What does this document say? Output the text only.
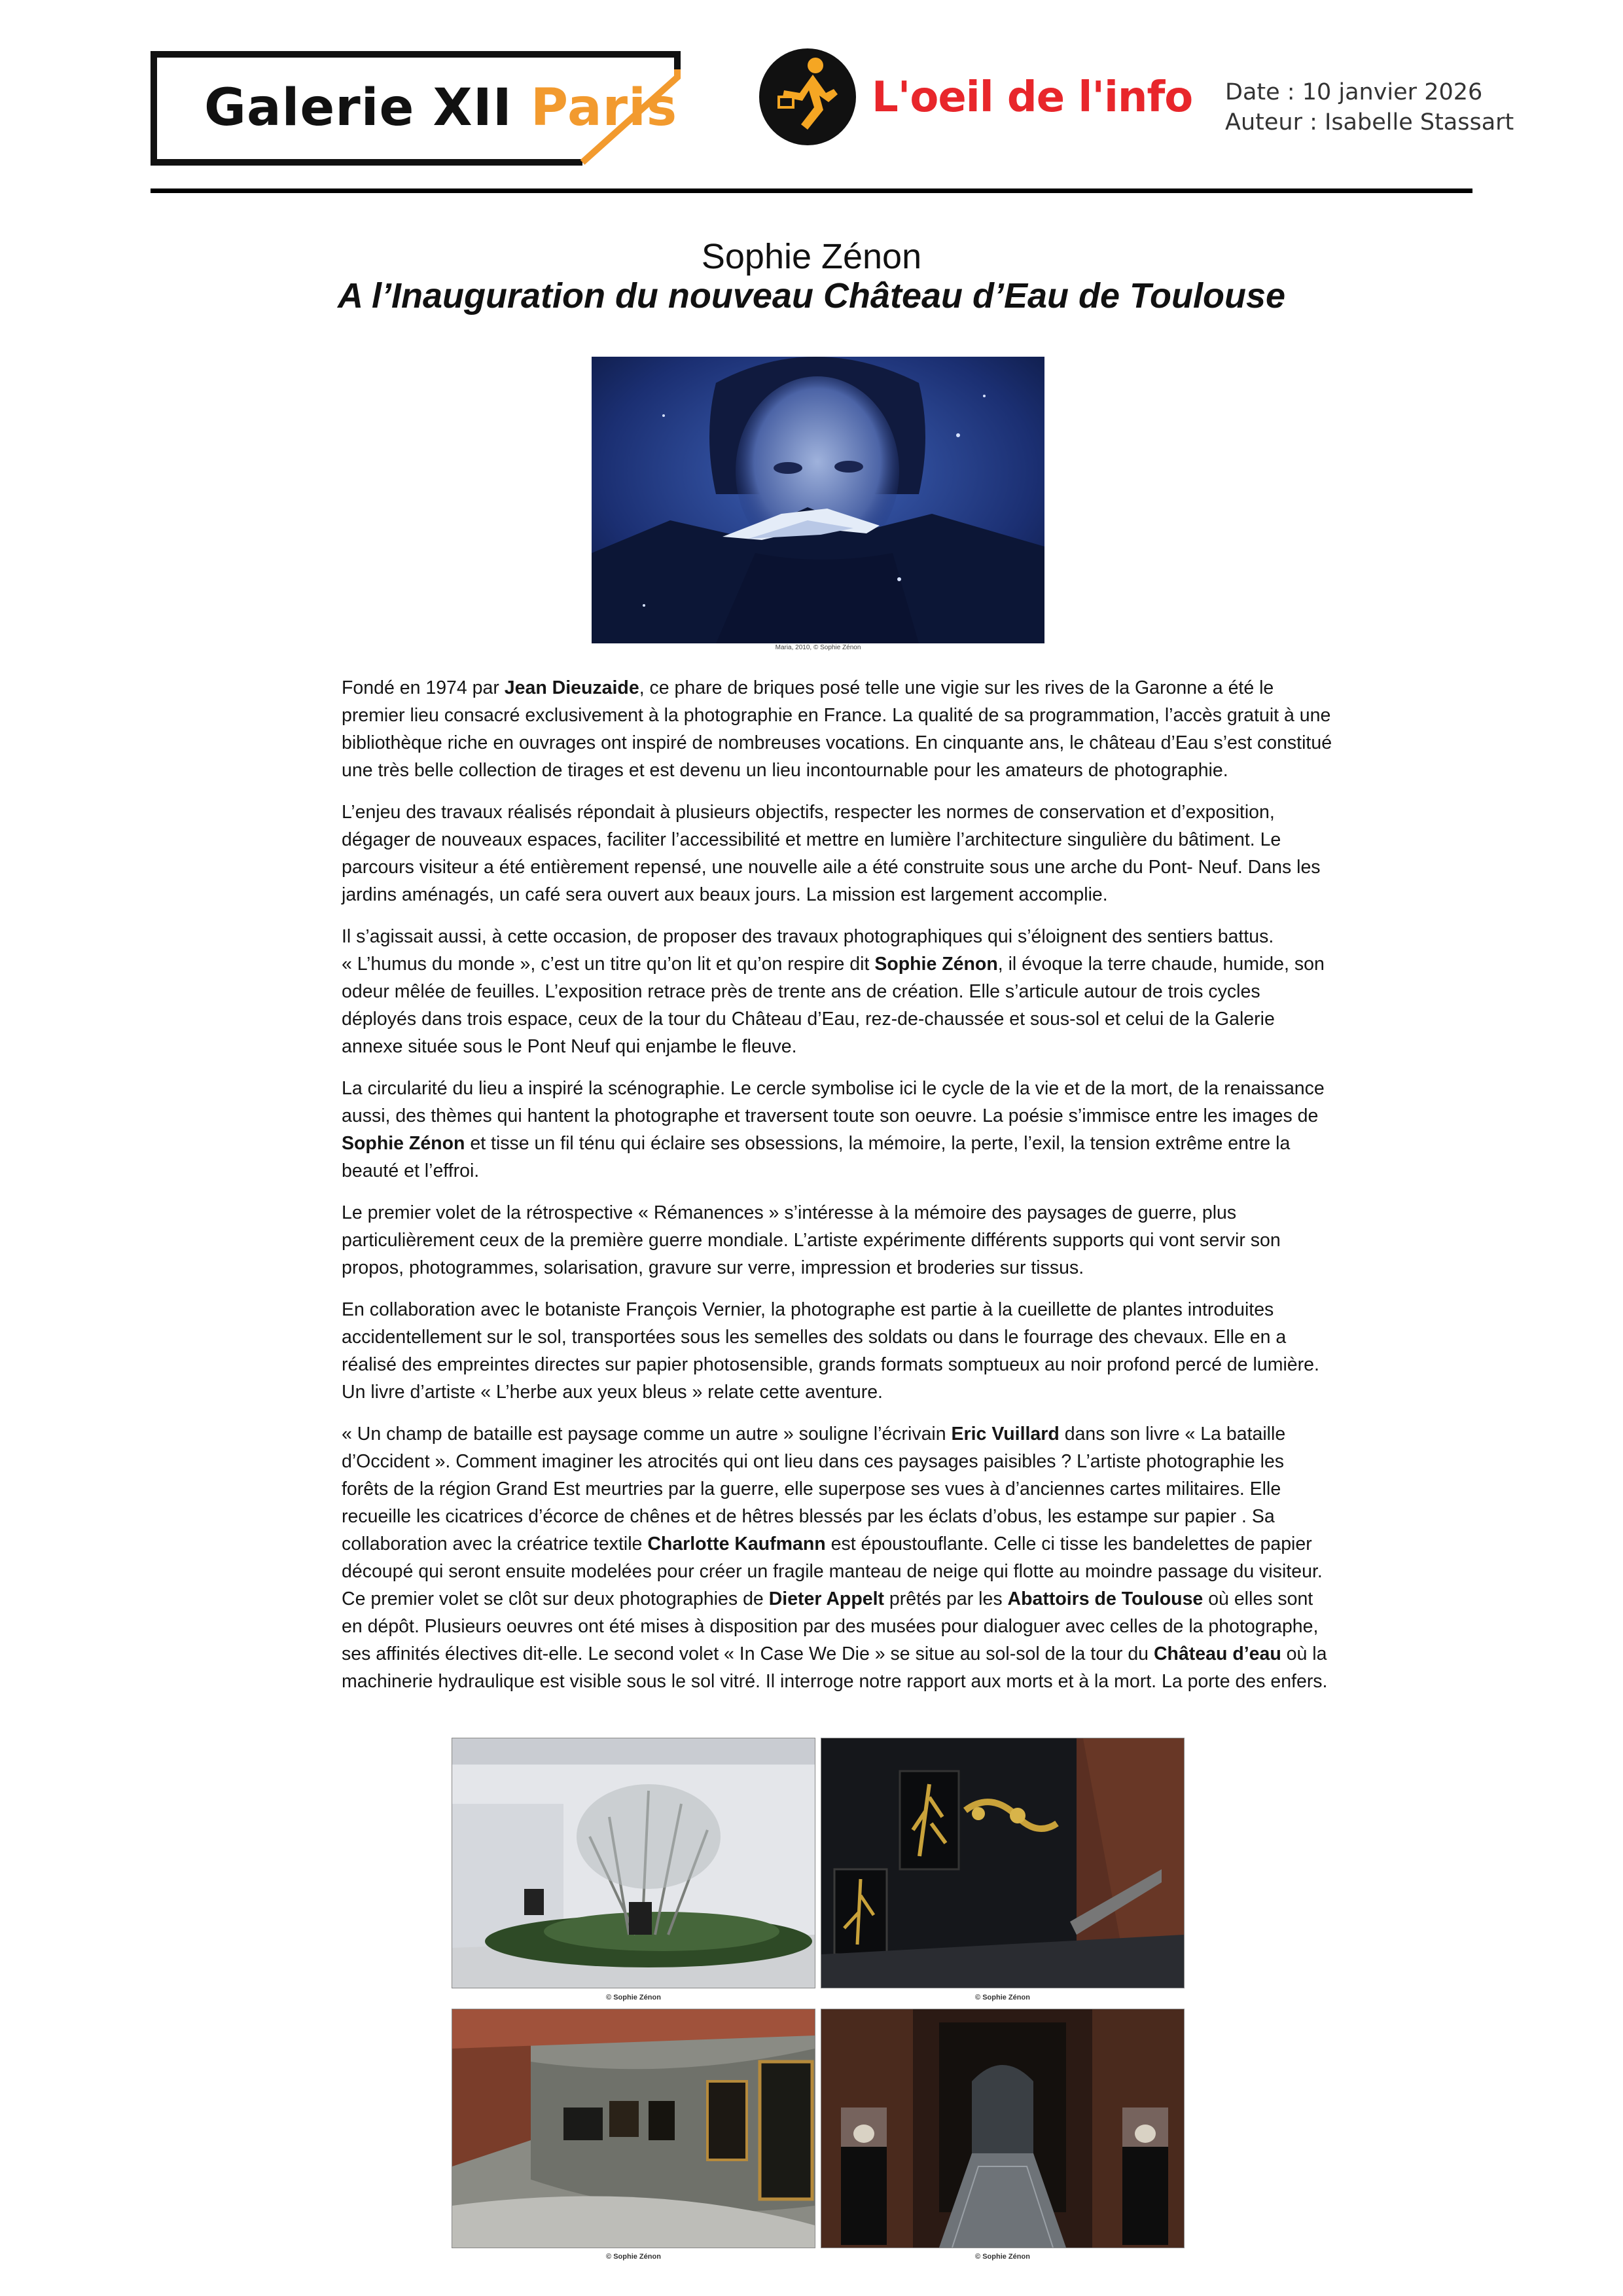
Galerie XII Paris	L'oeil de l'info Date : 10 janvier 2026
Auteur : Isabelle Stassart
Sophie Zénon
A l’Inauguration du nouveau Château d’Eau de Toulouse
Maria, 2010, © Sophie Zénon

Fondé en 1974 par Jean Dieuzaide, ce phare de briques posé telle une vigie sur les rives de la Garonne a été le premier lieu consacré exclusivement à la photographie en France. La qualité de sa programmation, l’accès gratuit à une bibliothèque riche en ouvrages ont inspiré de nombreuses vocations. En cinquante ans, le château d’Eau s’est constitué une très belle collection de tirages et est devenu un lieu incontournable pour les amateurs de photographie.

L’enjeu des travaux réalisés répondait à plusieurs objectifs, respecter les normes de conservation et d’exposition, dégager de nouveaux espaces, faciliter l’accessibilité et mettre en lumière l’architecture singulière du bâtiment. Le parcours visiteur a été entièrement repensé, une nouvelle aile a été construite sous une arche du Pont- Neuf. Dans les jardins aménagés, un café sera ouvert aux beaux jours. La mission est largement accomplie.

Il s’agissait aussi, à cette occasion, de proposer des travaux photographiques qui s’éloignent des sentiers battus.
« L’humus du monde », c’est un titre qu’on lit et qu’on respire dit Sophie Zénon, il évoque la terre chaude, humide, son odeur mêlée de feuilles. L’exposition retrace près de trente ans de création. Elle s’articule autour de trois cycles déployés dans trois espace, ceux de la tour du Château d’Eau, rez-de-chaussée et sous-sol et celui de la Galerie annexe située sous le Pont Neuf qui enjambe le fleuve.

La circularité du lieu a inspiré la scénographie. Le cercle symbolise ici le cycle de la vie et de la mort, de la renaissance aussi, des thèmes qui hantent la photographe et traversent toute son oeuvre. La poésie s’immisce entre les images de Sophie Zénon et tisse un fil ténu qui éclaire ses obsessions, la mémoire, la perte, l’exil, la tension extrême entre la beauté et l’effroi.

Le premier volet de la rétrospective « Rémanences » s’intéresse à la mémoire des paysages de guerre, plus particulièrement ceux de la première guerre mondiale. L’artiste expérimente différents supports qui vont servir son propos, photogrammes, solarisation, gravure sur verre, impression et broderies sur tissus.

En collaboration avec le botaniste François Vernier, la photographe est partie à la cueillette de plantes introduites accidentellement sur le sol, transportées sous les semelles des soldats ou dans le fourrage des chevaux. Elle en a réalisé des empreintes directes sur papier photosensible, grands formats somptueux au noir profond percé de lumière. Un livre d’artiste « L’herbe aux yeux bleus » relate cette aventure.

« Un champ de bataille est paysage comme un autre » souligne l’écrivain Eric Vuillard dans son livre « La bataille d’Occident ». Comment imaginer les atrocités qui ont lieu dans ces paysages paisibles ? L’artiste photographie les forêts de la région Grand Est meurtries par la guerre, elle superpose ses vues à d’anciennes cartes militaires. Elle recueille les cicatrices d’écorce de chênes et de hêtres blessés par les éclats d’obus, les estampe sur papier . Sa collaboration avec la créatrice textile Charlotte Kaufmann est époustouflante. Celle ci tisse les bandelettes de papier découpé qui seront ensuite modelées pour créer un fragile manteau de neige qui flotte au moindre passage du visiteur. Ce premier volet se clôt sur deux photographies de Dieter Appelt prêtés par les Abattoirs de Toulouse où elles sont en dépôt. Plusieurs oeuvres ont été mises à disposition par des musées pour dialoguer avec celles de la photographe, ses affinités électives dit-elle. Le second volet « In Case We Die » se situe au sol-sol de la tour du Château d’eau où la machinerie hydraulique est visible sous le sol vitré. Il interroge notre rapport aux morts et à la mort. La porte des enfers.

© Sophie Zénon	© Sophie Zénon
© Sophie Zénon	© Sophie Zénon
